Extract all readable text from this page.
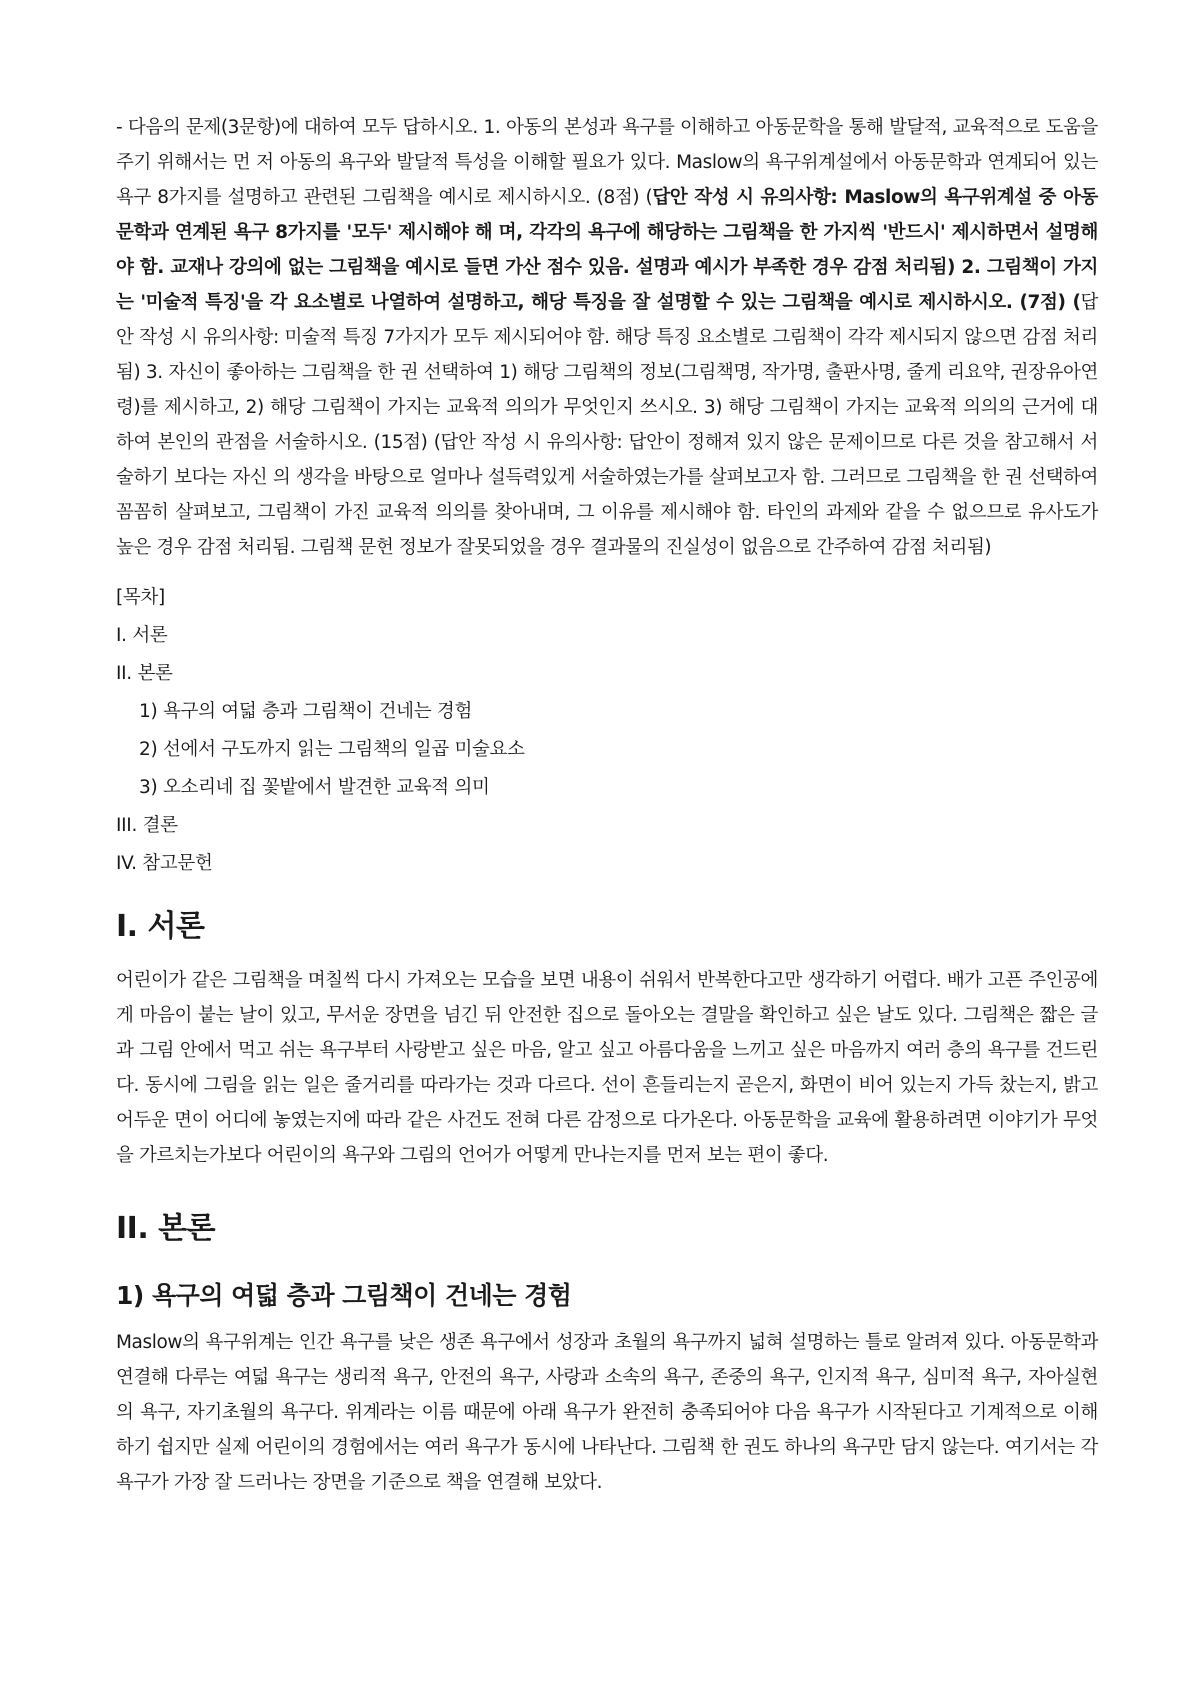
- 다음의 문제(3문항)에 대하여 모두 답하시오. 1. 아동의 본성과 욕구를 이해하고 아동문학을 통해 발달적, 교육적으로 도움을 주기 위해서는 먼 저 아동의 욕구와 발달적 특성을 이해할 필요가 있다. Maslow의 욕구위계설에서 아동문학과 연계되어 있는 욕구 8가지를 설명하고 관련된 그림책을 예시로 제시하시오. (8점) (답안 작성 시 유의사항: Maslow의 욕구위계설 중 아동문학과 연계된 욕구 8가지를 '모두' 제시해야 해 며, 각각의 욕구에 해당하는 그림책을 한 가지씩 '반드시' 제시하면서 설명해야 함. 교재나 강의에 없는 그림책을 예시로 들면 가산 점수 있음. 설명과 예시가 부족한 경우 감점 처리됨) 2. 그림책이 가지는 '미술적 특징'을 각 요소별로 나열하여 설명하고, 해당 특징을 잘 설명할 수 있는 그림책을 예시로 제시하시오. (7점) (답안 작성 시 유의사항: 미술적 특징 7가지가 모두 제시되어야 함. 해당 특징 요소별로 그림책이 각각 제시되지 않으면 감점 처리됨) 3. 자신이 좋아하는 그림책을 한 권 선택하여 1) 해당 그림책의 정보(그림책명, 작가명, 출판사명, 줄게 리요약, 권장유아연령)를 제시하고, 2) 해당 그림책이 가지는 교육적 의의가 무엇인지 쓰시오. 3) 해당 그림책이 가지는 교육적 의의의 근거에 대하여 본인의 관점을 서술하시오. (15점) (답안 작성 시 유의사항: 답안이 정해져 있지 않은 문제이므로 다른 것을 참고해서 서술하기 보다는 자신 의 생각을 바탕으로 얼마나 설득력있게 서술하였는가를 살펴보고자 함. 그러므로 그림책을 한 권 선택하여 꼼꼼히 살펴보고, 그림책이 가진 교육적 의의를 찾아내며, 그 이유를 제시해야 함. 타인의 과제와 같을 수 없으므로 유사도가 높은 경우 감점 처리됨. 그림책 문헌 정보가 잘못되었을 경우 결과물의 진실성이 없음으로 간주하여 감점 처리됨)

[목차]

I. 서론

II. 본론

1) 욕구의 여덟 층과 그림책이 건네는 경험

2) 선에서 구도까지 읽는 그림책의 일곱 미술요소

3) 오소리네 집 꽃밭에서 발견한 교육적 의미

III. 결론

IV. 참고문헌

I. 서론

어린이가 같은 그림책을 며칠씩 다시 가져오는 모습을 보면 내용이 쉬워서 반복한다고만 생각하기 어렵다. 배가 고픈 주인공에게 마음이 붙는 날이 있고, 무서운 장면을 넘긴 뒤 안전한 집으로 돌아오는 결말을 확인하고 싶은 날도 있다. 그림책은 짧은 글과 그림 안에서 먹고 쉬는 욕구부터 사랑받고 싶은 마음, 알고 싶고 아름다움을 느끼고 싶은 마음까지 여러 층의 욕구를 건드린다. 동시에 그림을 읽는 일은 줄거리를 따라가는 것과 다르다. 선이 흔들리는지 곧은지, 화면이 비어 있는지 가득 찼는지, 밝고 어두운 면이 어디에 놓였는지에 따라 같은 사건도 전혀 다른 감정으로 다가온다. 아동문학을 교육에 활용하려면 이야기가 무엇을 가르치는가보다 어린이의 욕구와 그림의 언어가 어떻게 만나는지를 먼저 보는 편이 좋다.

II. 본론
1) 욕구의 여덟 층과 그림책이 건네는 경험

Maslow의 욕구위계는 인간 욕구를 낮은 생존 욕구에서 성장과 초월의 욕구까지 넓혀 설명하는 틀로 알려져 있다. 아동문학과 연결해 다루는 여덟 욕구는 생리적 욕구, 안전의 욕구, 사랑과 소속의 욕구, 존중의 욕구, 인지적 욕구, 심미적 욕구, 자아실현의 욕구, 자기초월의 욕구다. 위계라는 이름 때문에 아래 욕구가 완전히 충족되어야 다음 욕구가 시작된다고 기계적으로 이해하기 쉽지만 실제 어린이의 경험에서는 여러 욕구가 동시에 나타난다. 그림책 한 권도 하나의 욕구만 담지 않는다. 여기서는 각 욕구가 가장 잘 드러나는 장면을 기준으로 책을 연결해 보았다.
